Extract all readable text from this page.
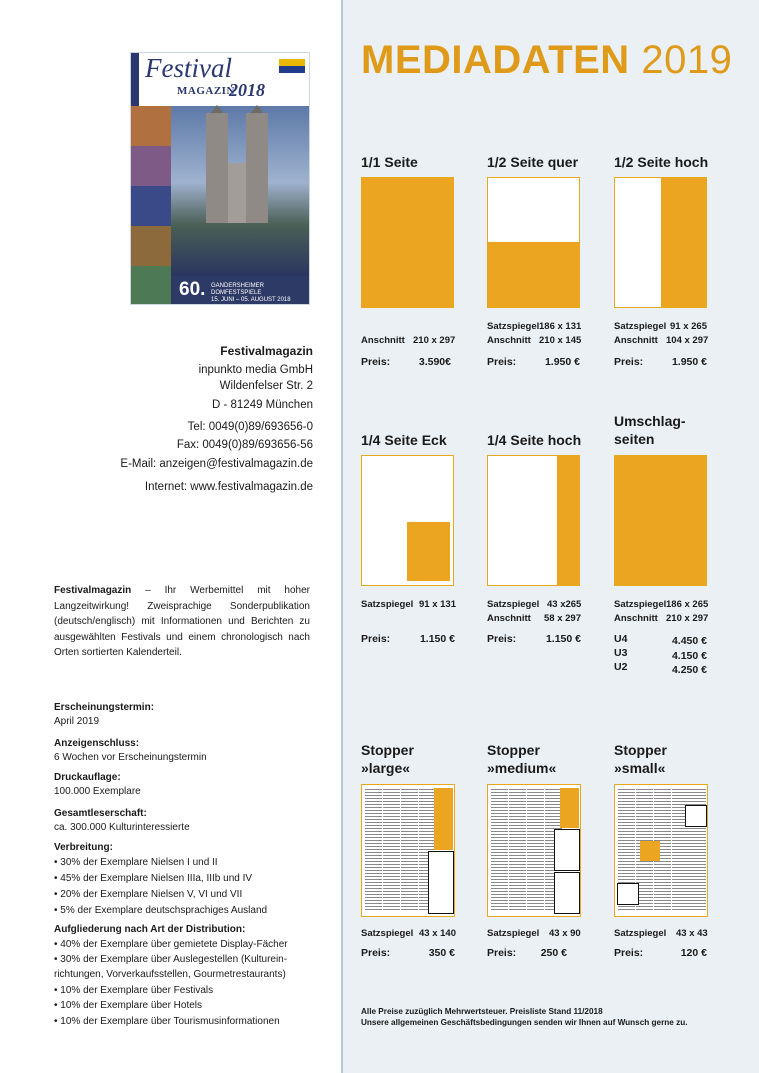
Festival
MAGAZIN
2018
60. GANDERSHEIMER
DOMFESTSPIELE
15. JUNI – 05. AUGUST 2018
Festivalmagazin
inpunkto media GmbH
Wildenfelser Str. 2
D - 81249 München
Tel: 0049(0)89/693656-0
Fax: 0049(0)89/693656-56
E-Mail: anzeigen@festivalmagazin.de
Internet: www.festivalmagazin.de
Festivalmagazin – Ihr Werbemittel mit hoher Langzeitwirkung! Zweisprachige Sonderpublikation (deutsch/englisch) mit Informationen und Berichten zu ausgewählten Festivals und einem chronologisch nach Orten sortierten Kalenderteil.
Erscheinungstermin:
April 2019
Anzeigenschluss:
6 Wochen vor Erscheinungstermin
Druckauflage:
100.000 Exemplare
Gesamtleserschaft:
ca. 300.000 Kulturinteressierte
Verbreitung:
• 30% der Exemplare Nielsen I und II
• 45% der Exemplare Nielsen IIIa, IIIb und IV
• 20% der Exemplare Nielsen V, VI und VII
• 5% der Exemplare deutschsprachiges Ausland
Aufgliederung nach Art der Distribution:
• 40% der Exemplare über gemietete Display-Fächer
• 30% der Exemplare über Auslegestellen (Kulturein-
richtungen, Vorverkaufsstellen, Gourmetrestaurants)
• 10% der Exemplare über Festivals
• 10% der Exemplare über Hotels
• 10% der Exemplare über Tourismusinformationen
MEDIADATEN 2019
1/1 Seite
Anschnitt 210 x 297
Preis:	3.590€
1/2 Seite quer
Satzspiegel186 x 131
Anschnitt 210 x 145
Preis:	1.950 €
1/2 Seite hoch
Satzspiegel 91 x 265
Anschnitt 104 x 297
Preis:	1.950 €
1/4 Seite Eck
Satzspiegel 91 x 131
Preis:	1.150 €
1/4 Seite hoch
Satzspiegel 43 x265
Anschnitt 58 x 297
Preis:	1.150 €
Umschlag-
seiten
Satzspiegel186 x 265
Anschnitt 210 x 297
U4	4.450 €
U3	4.150 €
U2	4.250 €
Stopper
»large«
Satzspiegel 43 x 140
Preis:	350 €
Stopper
»medium«
Satzspiegel 43 x 90
Preis:	250 €
Stopper
»small«
Satzspiegel 43 x 43
Preis:	120 €
Alle Preise zuzüglich Mehrwertsteuer. Preisliste Stand 11/2018
Unsere allgemeinen Geschäftsbedingungen senden wir Ihnen auf Wunsch gerne zu.
